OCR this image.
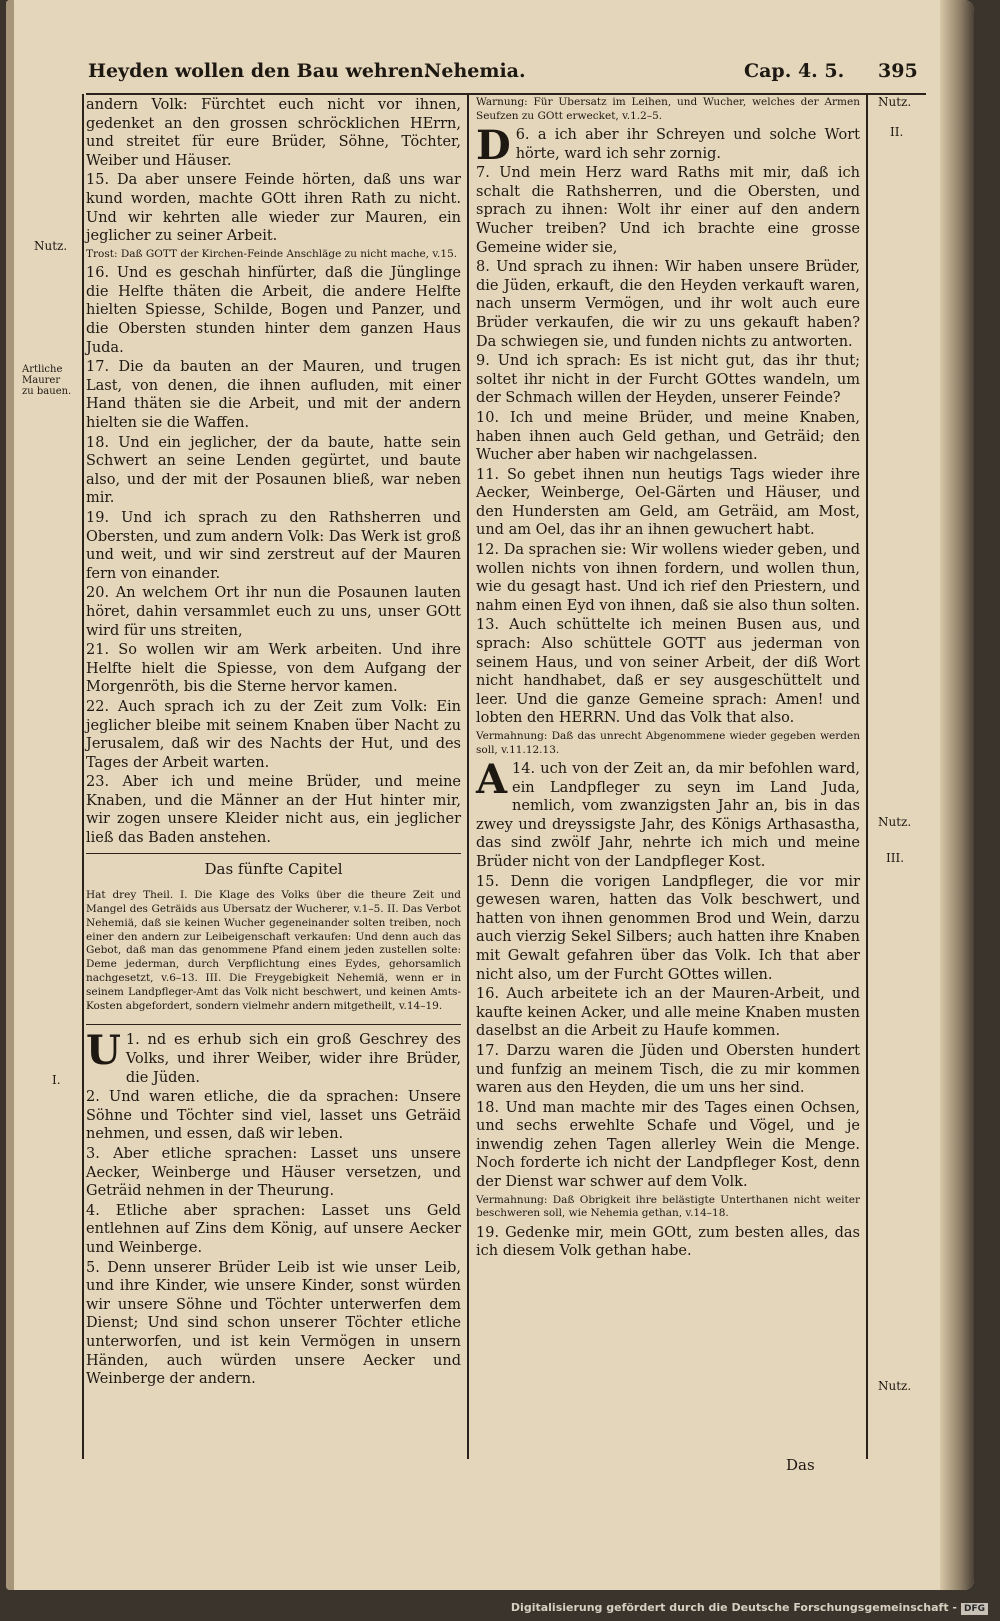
Heyden wollen den Bau wehren.
Nehemia.	Cap. 4. 5. 395
Nutz.
II.
Nutz.
Artliche Maurer zu bauen.
I.
Nutz.
III.
Nutz.

andern Volk: Fürchtet euch nicht vor ihnen, gedenket an den grossen schröcklichen HErrn, und streitet für eure Brüder, Söhne, Töchter, Weiber und Häuser.

15. Da aber unsere Feinde hörten, daß uns war kund worden, machte GOtt ihren Rath zu nicht. Und wir kehrten alle wieder zur Mauren, ein jeglicher zu seiner Arbeit.

Trost: Daß GOTT der Kirchen-Feinde Anschläge zu nicht mache, v.15.

16. Und es geschah hinfürter, daß die Jünglinge die Helfte thäten die Arbeit, die andere Helfte hielten Spiesse, Schilde, Bogen und Panzer, und die Obersten stunden hinter dem ganzen Haus Juda.

17. Die da bauten an der Mauren, und trugen Last, von denen, die ihnen aufluden, mit einer Hand thäten sie die Arbeit, und mit der andern hielten sie die Waffen.

18. Und ein jeglicher, der da baute, hatte sein Schwert an seine Lenden gegürtet, und baute also, und der mit der Posaunen bließ, war neben mir.

19. Und ich sprach zu den Rathsherren und Obersten, und zum andern Volk: Das Werk ist groß und weit, und wir sind zerstreut auf der Mauren fern von einander.

20. An welchem Ort ihr nun die Posaunen lauten höret, dahin versammlet euch zu uns, unser GOtt wird für uns streiten,

21. So wollen wir am Werk arbeiten. Und ihre Helfte hielt die Spiesse, von dem Aufgang der Morgenröth, bis die Sterne hervor kamen.

22. Auch sprach ich zu der Zeit zum Volk: Ein jeglicher bleibe mit seinem Knaben über Nacht zu Jerusalem, daß wir des Nachts der Hut, und des Tages der Arbeit warten.

23. Aber ich und meine Brüder, und meine Knaben, und die Männer an der Hut hinter mir, wir zogen unsere Kleider nicht aus, ein jeglicher ließ das Baden anstehen.

Das fünfte Capitel

Hat drey Theil. I. Die Klage des Volks über die theure Zeit und Mangel des Geträids aus Ubersatz der Wucherer, v.1–5. II. Das Verbot Nehemiä, daß sie keinen Wucher gegeneinander solten treiben, noch einer den andern zur Leibeigenschaft verkaufen: Und denn auch das Gebot, daß man das genommene Pfand einem jeden zustellen solte: Deme jederman, durch Verpflichtung eines Eydes, gehorsamlich nachgesetzt, v.6–13. III. Die Freygebigkeit Nehemiä, wenn er in seinem Landpfleger-Amt das Volk nicht beschwert, und keinen Amts-Kosten abgefordert, sondern vielmehr andern mitgetheilt, v.14–19.

1.
U nd es erhub sich ein groß Geschrey des Volks, und ihrer Weiber, wider ihre Brüder, die Jüden.

2. Und waren etliche, die da sprachen: Unsere Söhne und Töchter sind viel, lasset uns Geträid nehmen, und essen, daß wir leben.

3. Aber etliche sprachen: Lasset uns unsere Aecker, Weinberge und Häuser versetzen, und Geträid nehmen in der Theurung.

4. Etliche aber sprachen: Lasset uns Geld entlehnen auf Zins dem König, auf unsere Aecker und Weinberge.

5. Denn unserer Brüder Leib ist wie unser Leib, und ihre Kinder, wie unsere Kinder, sonst würden wir unsere Söhne und Töchter unterwerfen dem Dienst; Und sind schon unserer Töchter etliche unterworfen, und ist kein Vermögen in unsern Händen, auch würden unsere Aecker und Weinberge der andern.

Warnung: Für Ubersatz im Leihen, und Wucher, welches der Armen Seufzen zu GOtt erwecket, v.1.2–5.

6.
D a ich aber ihr Schreyen und solche Wort hörte, ward ich sehr zornig.

7. Und mein Herz ward Raths mit mir, daß ich schalt die Rathsherren, und die Obersten, und sprach zu ihnen: Wolt ihr einer auf den andern Wucher treiben? Und ich brachte eine grosse Gemeine wider sie,

8. Und sprach zu ihnen: Wir haben unsere Brüder, die Jüden, erkauft, die den Heyden verkauft waren, nach unserm Vermögen, und ihr wolt auch eure Brüder verkaufen, die wir zu uns gekauft haben? Da schwiegen sie, und funden nichts zu antworten.

9. Und ich sprach: Es ist nicht gut, das ihr thut; soltet ihr nicht in der Furcht GOttes wandeln, um der Schmach willen der Heyden, unserer Feinde?

10. Ich und meine Brüder, und meine Knaben, haben ihnen auch Geld gethan, und Geträid; den Wucher aber haben wir nachgelassen.

11. So gebet ihnen nun heutigs Tags wieder ihre Aecker, Weinberge, Oel-Gärten und Häuser, und den Hundersten am Geld, am Geträid, am Most, und am Oel, das ihr an ihnen gewuchert habt.

12. Da sprachen sie: Wir wollens wieder geben, und wollen nichts von ihnen fordern, und wollen thun, wie du gesagt hast. Und ich rief den Priestern, und nahm einen Eyd von ihnen, daß sie also thun solten.

13. Auch schüttelte ich meinen Busen aus, und sprach: Also schüttele GOTT aus jederman von seinem Haus, und von seiner Arbeit, der diß Wort nicht handhabet, daß er sey ausgeschüttelt und leer. Und die ganze Gemeine sprach: Amen! und lobten den HERRN. Und das Volk that also.

Vermahnung: Daß das unrecht Abgenommene wieder gegeben werden soll, v.11.12.13.

14.
A uch von der Zeit an, da mir befohlen ward, ein Landpfleger zu seyn im Land Juda, nemlich, vom zwanzigsten Jahr an, bis in das zwey und dreyssigste Jahr, des Königs Arthasastha, das sind zwölf Jahr, nehrte ich mich und meine Brüder nicht von der Landpfleger Kost.

15. Denn die vorigen Landpfleger, die vor mir gewesen waren, hatten das Volk beschwert, und hatten von ihnen genommen Brod und Wein, darzu auch vierzig Sekel Silbers; auch hatten ihre Knaben mit Gewalt gefahren über das Volk. Ich that aber nicht also, um der Furcht GOttes willen.

16. Auch arbeitete ich an der Mauren-Arbeit, und kaufte keinen Acker, und alle meine Knaben musten daselbst an die Arbeit zu Haufe kommen.

17. Darzu waren die Jüden und Obersten hundert und funfzig an meinem Tisch, die zu mir kommen waren aus den Heyden, die um uns her sind.

18. Und man machte mir des Tages einen Ochsen, und sechs erwehlte Schafe und Vögel, und je inwendig zehen Tagen allerley Wein die Menge. Noch forderte ich nicht der Landpfleger Kost, denn der Dienst war schwer auf dem Volk.

Vermahnung: Daß Obrigkeit ihre belästigte Unterthanen nicht weiter beschweren soll, wie Nehemia gethan, v.14–18.

19. Gedenke mir, mein GOtt, zum besten alles, das ich diesem Volk gethan habe.

Das
Digitalisierung gefördert durch die Deutsche Forschungsgemeinschaft - DFG
